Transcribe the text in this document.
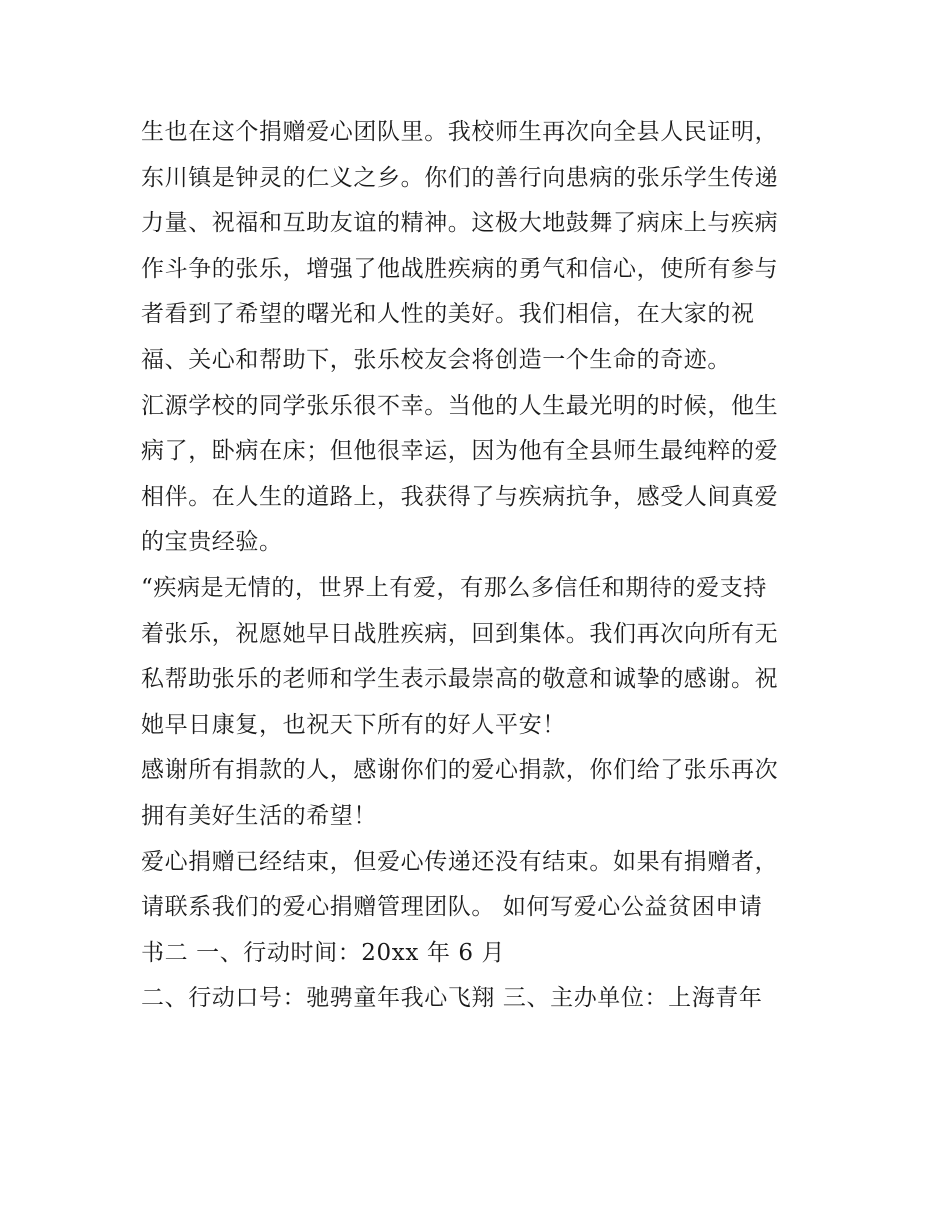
生也在这个捐赠爱心团队里。我校师生再次向全县人民证明，
东川镇是钟灵的仁义之乡。你们的善行向患病的张乐学生传递
力量、祝福和互助友谊的精神。这极大地鼓舞了病床上与疾病
作斗争的张乐，增强了他战胜疾病的勇气和信心，使所有参与
者看到了希望的曙光和人性的美好。我们相信，在大家的祝
福、关心和帮助下，张乐校友会将创造一个生命的奇迹。
汇源学校的同学张乐很不幸。当他的人生最光明的时候，他生
病了，卧病在床；但他很幸运，因为他有全县师生最纯粹的爱
相伴。在人生的道路上，我获得了与疾病抗争，感受人间真爱
的宝贵经验。
“疾病是无情的，世界上有爱，有那么多信任和期待的爱支持
着张乐，祝愿她早日战胜疾病，回到集体。我们再次向所有无
私帮助张乐的老师和学生表示最崇高的敬意和诚挚的感谢。祝
她早日康复，也祝天下所有的好人平安！
感谢所有捐款的人，感谢你们的爱心捐款，你们给了张乐再次
拥有美好生活的希望！
爱心捐赠已经结束，但爱心传递还没有结束。如果有捐赠者，
请联系我们的爱心捐赠管理团队。 如何写爱心公益贫困申请
书二 一、行动时间：20xx 年 6 月
二、行动口号：驰骋童年我心飞翔 三、主办单位：上海青年
